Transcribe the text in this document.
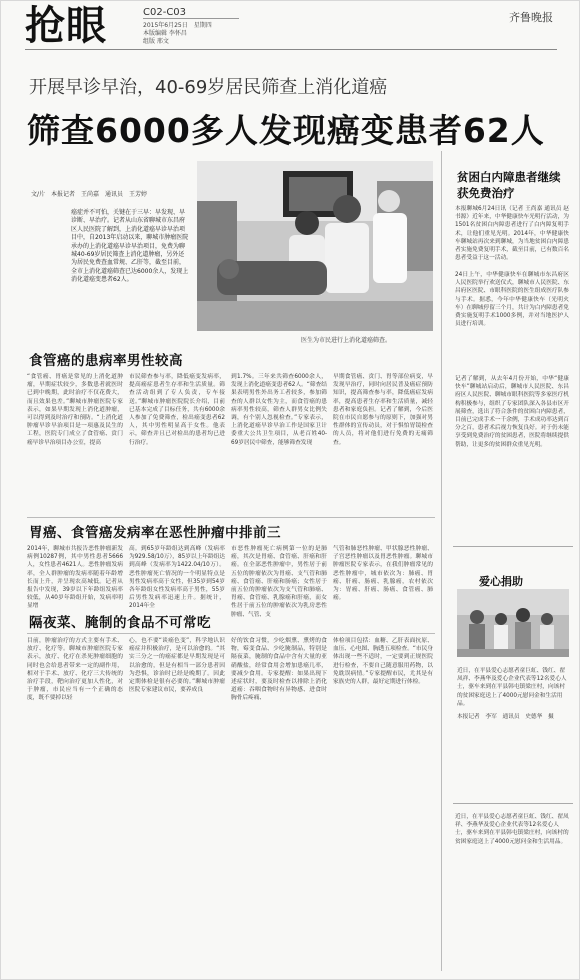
抢眼	C02-C03
2015年6月25日　星期四
本版编辑 李怀昌
组版 邢文
齐鲁晚报
开展早诊早治，40-69岁居民筛查上消化道癌
筛查6000多人发现癌变患者62人
文/片　本报记者　王尚嘉　通讯员　王芳婷
癌症并不可怕，关键在于三早：早发现、早诊断、早治疗。记者从山东省聊城市东昌府区人民医院了解到，上消化道癌早诊早治项目中，自2013年启动以来，聊城市肿瘤医院承办的上消化道癌早诊早治项目，免费为聊城40-69岁居民筛查上消化道肿瘤，另外还为居民免费查血常规、乙肝等，截至目前，全市上消化道癌筛查已达6000余人，发现上消化道癌变患者62人。
医生为市民进行上消化道癌筛查。
食管癌的患病率男性较高
“食管癌、胃癌是常见的上消化道肿瘤，早期症状较少，多数患者就医时已到中晚期，此时治疗不仅花费大，而且效果也差。”聊城市肿瘤医院专家表示，如果早期发现上消化道肿瘤，可以得到及时治疗和预防。“上消化道肿瘤早诊早治项目是一项惠及民生的工程，医院专门成立了食管癌、贲门癌早诊早治项目办公室，提高
市民筛查参与率，降低癌变发病率，提高癌症患者生存率和生活质量。筛查活动组到了专人负责，专车接送。”聊城市肿瘤医院院长介绍，目前已基本完成了目标任务，共有6000余人参加了免费筛查，检出癌变患者62人，其中男性明显高于女性。他表示，筛查并且已对检出的患者均已进行治疗。
到1.7%。三年来共筛查6000余人，发现上消化道癌变患者62人。“筛查结果表明男性外出务工者较多，参加筛查的人群以女性为主，而食管癌的患病率男性较高，筛查人群男女比例失调，有个别人忽视检查。”专家表示，上消化道癌早诊早治工作是国家卫计委重大公共卫生项目，从老百姓40-69岁居民中筛查，能够筛查发现
早期食管癌、贲门、胃等部位病变，早发现早治疗，同时向居民普及癌症预防知识，提高筛查参与率，降低癌症发病率，提高患者生存率和生活质量，减轻患者和家庭负担。记者了解到，今后医院在市民自愿参与的原则下，加强对男性群体的宣传动员，对于惧怕胃镜检查的人员，将对他们进行免费的无痛筛查。
胃癌、食管癌发病率在恶性肿瘤中排前三
2014年，聊城市共报告恶性肿瘤新发病例10287例，其中男性患者5666人，女性患者4621人。恶性肿瘤发病率，全人群肿瘤的发病率随着年龄增长而上升，并呈现农高城低。记者从报告中发现，39岁以下年龄组发病率较低，从40岁年龄组开始，发病率明显增
高。到65岁年龄组达到高峰（发病率为929.58/10万），85岁以上年龄组达到高峰（发病率为1422.04/10万）。恶性肿瘤死亡情况的一个明显特点是男性发病率高于女性，但35岁到54岁各年龄组女性发病率高于男性，55岁后男性发病率迅速上升。据统计，2014年全
市恶性肿瘤死亡病例第一位的是肺癌，其次是胃癌、食管癌、肝癌和肝癌。在全部恶性肿瘤中，男性居于前五位的肿瘤依次为胃癌、支气管和肺癌、食管癌、肝癌和肠癌；女性居于前五位的肿瘤依次为支气管和肺癌、胃癌、食管癌、乳腺癌和肝癌，而女性居于前五位的肿瘤依次为乳房恶性肿瘤、气管、支
气管和肺恶性肿瘤、甲状腺恶性肿瘤、子宫恶性肿瘤以及胃恶性肿瘤。聊城市肿瘤医院专家表示，在我们肿瘤常见的恶性肿瘤中，城市依次为：肺癌、胃癌、肝癌、肠癌、乳腺癌，农村依次为：胃癌、肝癌、肠癌、食管癌、肺癌。
隔夜菜、腌制的食品不可常吃
目前，肿瘤治疗的方式主要有手术、放疗、化疗等。聊城市肿瘤医院专家表示，放疗、化疗在杀死肿瘤细胞的同时也会给患者带来一定的副作用，相对于手术、放疗、化疗三大传统的治疗手段，靶向治疗更加人性化，对于肿瘤，市民应当有一个正确的态度，既不要掉以轻
心，也不要“谈癌色变”，科学地认识癌症并积极治疗，是可以治愈的。“其实三分之一的癌症都是早期发现是可以治愈的，但是有相当一部分患者因为恐惧，诊治时已经是晚期了。因此定期体检是很有必要的。”聊城市肿瘤医院专家建议市民，要养成良
好的饮食习惯，少吃烟熏、熏烤的食物，霉变食品、少吃腌制品，特别是隔夜菜，腌制的食品中含有大量的亚硝酸盐，经常食用会增加患癌几率，要减少食用。专家提醒：如果出现下述症状时，要及时检查以排除上消化道癌：吞咽食物时有异物感、进食时胸骨后疼痛、
体检项目包括：血糖、乙肝表面抗原、血压、心电图、胸透五项检查。“市民身体出现一些不适时，一定要到正规医院进行检查，不要自己随意服用药物，以免耽误病情。”专家提醒市民，尤其是有家族史的人群，最好定期进行体检。
贫困白内障患者继续获免费治疗
本报聊城6月24日讯（记者 王尚嘉 通讯员 赵书源）近年来，中华健康快车光明行活动，为1501名贫困白内障患者进行了白内障复明手术，让他们重见光明。2014年，中华健康快车聊城站再次来到聊城，为当地贫困白内障患者实施免费复明手术，截至目前，已有数百名患者受益于这一活动。
24日上午，中华健康快车在聊城市东昌府区人民医院举行欢送仪式，聊城市人民医院、东昌府区医院、市眼科医院的医生组成医疗队参与手术。据悉，今年中华健康快车（光明火车）在聊城停留三个月，共计为白内障患者免费实施复明手术1000多例，并对当地医护人员进行培训。
记者了解到，从去年4月份开始，中华“健康快车”聊城站启动后，聊城市人民医院、东昌府区人民医院、聊城市眼科医院等多家医疗机构积极参与，组织了专家团队深入各县市区开展筛查，选出了符合条件的贫困白内障患者，目前已完成手术一千余例，手术成功率达到百分之百，患者术后视力恢复良好。对于仍未能享受到免费治疗的贫困患者，医院将继续提供帮助，让更多的贫困群众重见光明。
爱心捐助
近日，在平县爱心志愿者童巨虹、钱红、翟凤祥、李燕华及爱心企业代表等12名爱心人士，驱车来到在平县韩屯镇梁庄村，向该村的贫困家庭送上了4000元慰问金和生活用品。
本报记者　李军　通讯员　史德华　摄
近日，在平县爱心志愿者童巨虹、钱红、翟凤祥、李燕华及爱心企业代表等12名爱心人士，驱车来到在平县韩屯镇梁庄村，向该村的贫困家庭送上了4000元慰问金和生活用品。
